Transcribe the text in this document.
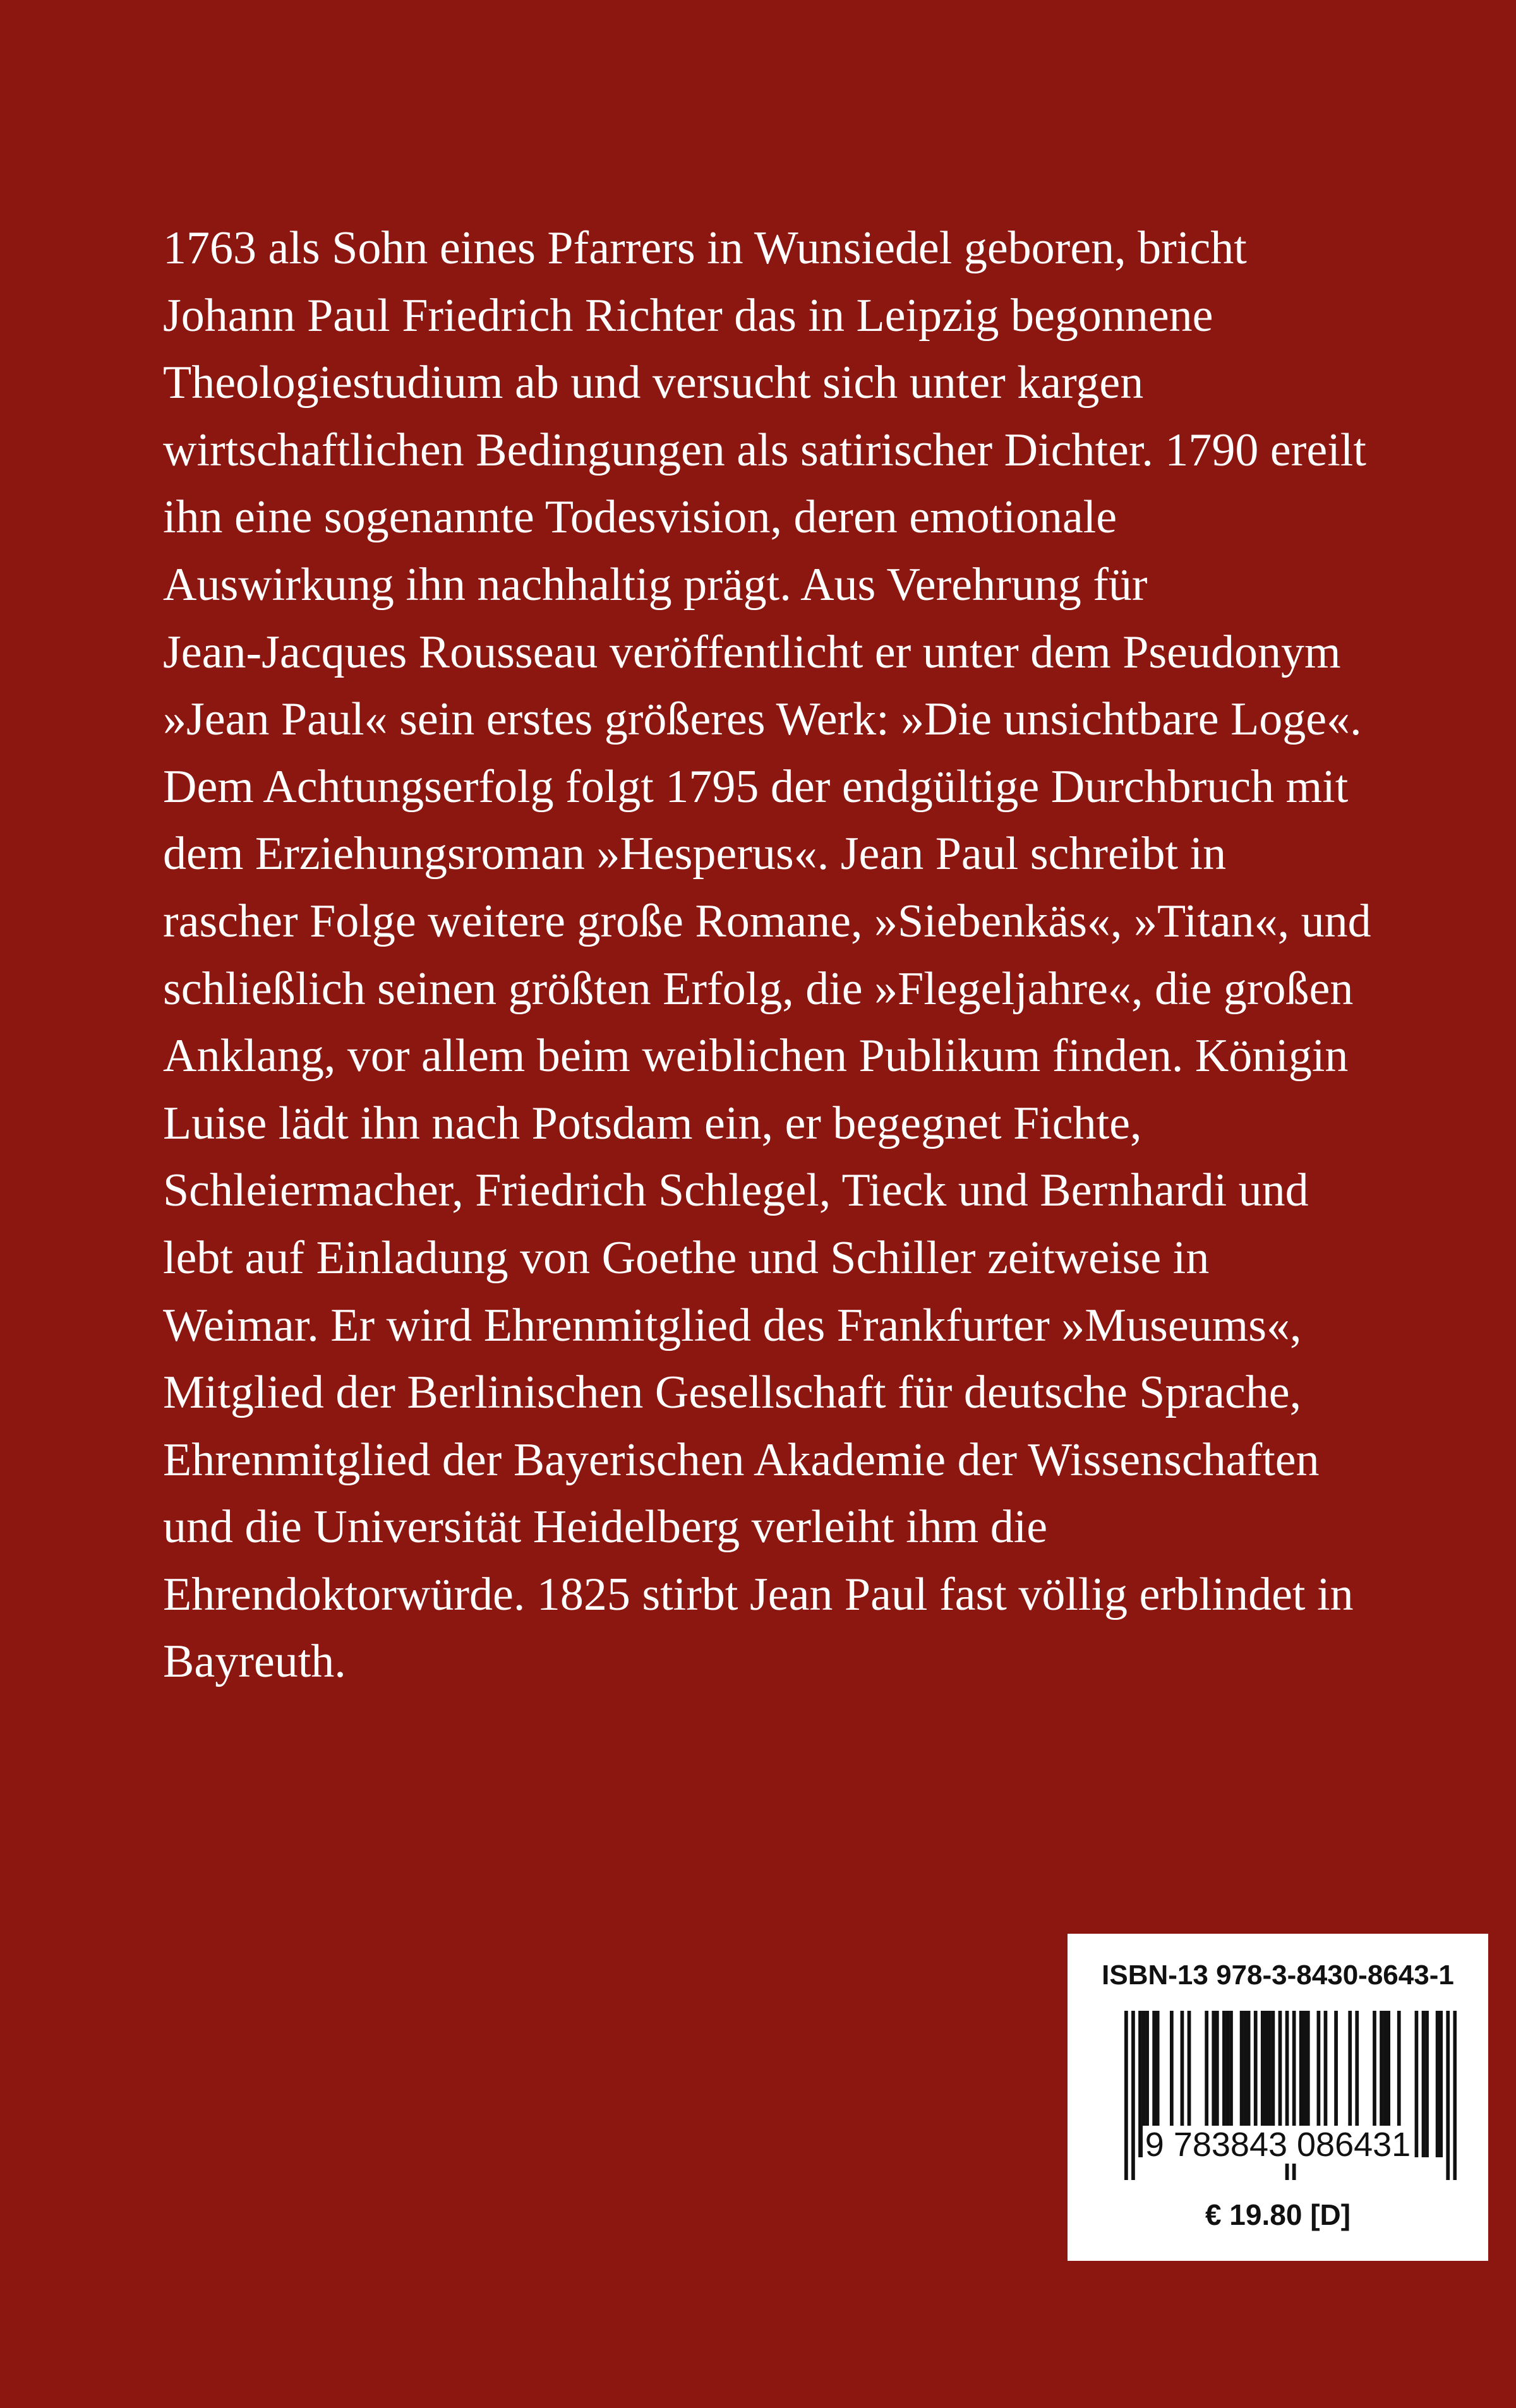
1763 als Sohn eines Pfarrers in Wunsiedel geboren, bricht
Johann Paul Friedrich Richter das in Leipzig begonnene
Theologiestudium ab und versucht sich unter kargen
wirtschaftlichen Bedingungen als satirischer Dichter. 1790 ereilt
ihn eine sogenannte Todesvision, deren emotionale
Auswirkung ihn nachhaltig prägt. Aus Verehrung für
Jean-Jacques Rousseau veröffentlicht er unter dem Pseudonym
»Jean Paul« sein erstes größeres Werk: »Die unsichtbare Loge«.
Dem Achtungserfolg folgt 1795 der endgültige Durchbruch mit
dem Erziehungsroman »Hesperus«. Jean Paul schreibt in
rascher Folge weitere große Romane, »Siebenkäs«, »Titan«, und
schließlich seinen größten Erfolg, die »Flegeljahre«, die großen
Anklang, vor allem beim weiblichen Publikum finden. Königin
Luise lädt ihn nach Potsdam ein, er begegnet Fichte,
Schleiermacher, Friedrich Schlegel, Tieck und Bernhardi und
lebt auf Einladung von Goethe und Schiller zeitweise in
Weimar. Er wird Ehrenmitglied des Frankfurter »Museums«,
Mitglied der Berlinischen Gesellschaft für deutsche Sprache,
Ehrenmitglied der Bayerischen Akademie der Wissenschaften
und die Universität Heidelberg verleiht ihm die
Ehrendoktorwürde. 1825 stirbt Jean Paul fast völlig erblindet in
Bayreuth.
ISBN-13 978-3-8430-8643-1
9 783843 086431
€ 19.80 [D]
